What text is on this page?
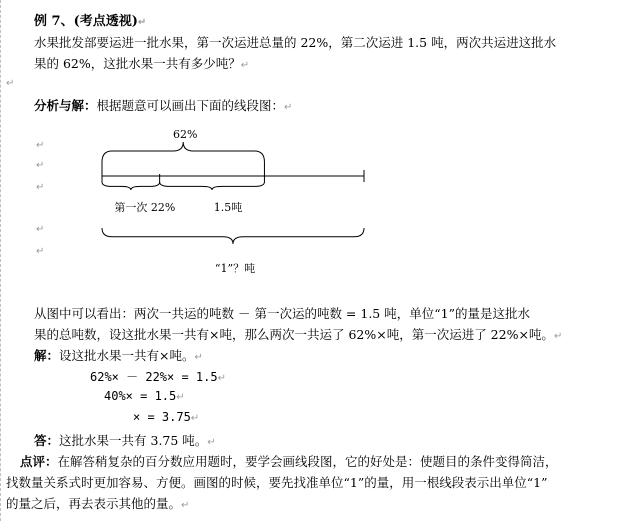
例 7、(考点透视)↵
水果批发部要运进一批水果，第一次运进总量的 22%，第二次运进 1.5 吨，两次共运进这批水
果的 62%，这批水果一共有多少吨？↵
↵
分析与解：根据题意可以画出下面的线段图：↵
62%
第一次 22%	1.5吨
“1”？吨
↵
↵
↵
↵
↵
从图中可以看出：两次一共运的吨数 － 第一次运的吨数 = 1.5 吨，单位“1”的量是这批水
果的总吨数，设这批水果一共有×吨，那么两次一共运了 62%×吨，第一次运进了 22%×吨。↵
解：设这批水果一共有×吨。↵
62%× － 22%× = 1.5↵
40%× = 1.5↵
× = 3.75↵
答：这批水果一共有 3.75 吨。↵
点评：在解答稍复杂的百分数应用题时，要学会画线段图，它的好处是：使题目的条件变得简洁，
找数量关系式时更加容易、方便。画图的时候，要先找准单位“1”的量，用一根线段表示出单位“1”
的量之后，再去表示其他的量。↵
